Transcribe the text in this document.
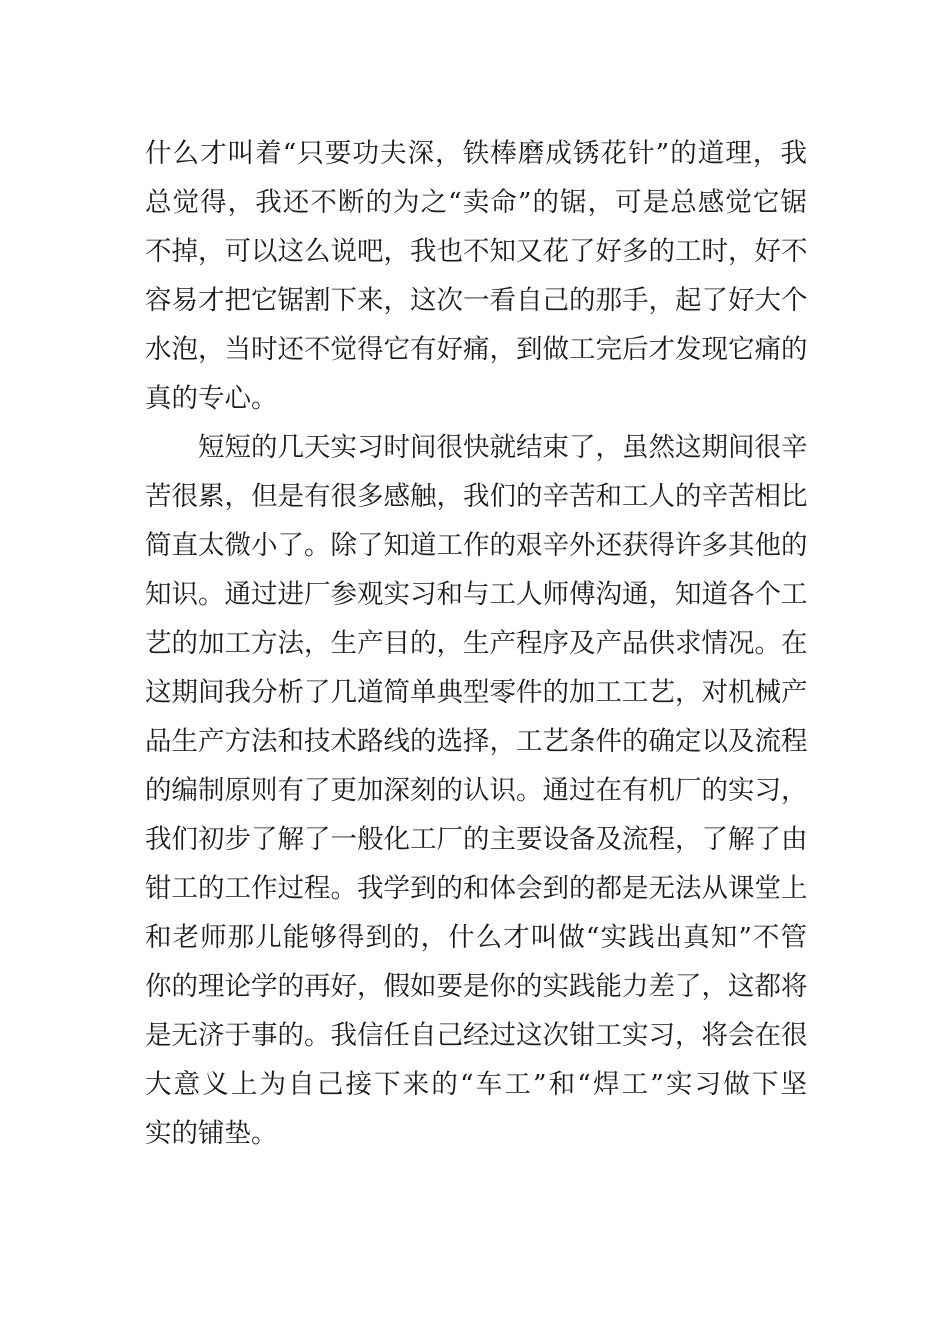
什么才叫着“只要功夫深，铁棒磨成锈花针”的道理，我
总觉得，我还不断的为之“卖命”的锯，可是总感觉它锯
不掉，可以这么说吧，我也不知又花了好多的工时，好不
容易才把它锯割下来，这次一看自己的那手，起了好大个
水泡，当时还不觉得它有好痛，到做工完后才发现它痛的
真的专心。
短短的几天实习时间很快就结束了，虽然这期间很辛
苦很累，但是有很多感触，我们的辛苦和工人的辛苦相比
简直太微小了。除了知道工作的艰辛外还获得许多其他的
知识。通过进厂参观实习和与工人师傅沟通，知道各个工
艺的加工方法，生产目的，生产程序及产品供求情况。在
这期间我分析了几道简单典型零件的加工工艺，对机械产
品生产方法和技术路线的选择，工艺条件的确定以及流程
的编制原则有了更加深刻的认识。通过在有机厂的实习，
我们初步了解了一般化工厂的主要设备及流程，了解了由
钳工的工作过程。我学到的和体会到的都是无法从课堂上
和老师那儿能够得到的，什么才叫做“实践出真知”不管
你的理论学的再好，假如要是你的实践能力差了，这都将
是无济于事的。我信任自己经过这次钳工实习，将会在很
大意义上为自己接下来的“车工”和“焊工”实习做下坚
实的铺垫。
